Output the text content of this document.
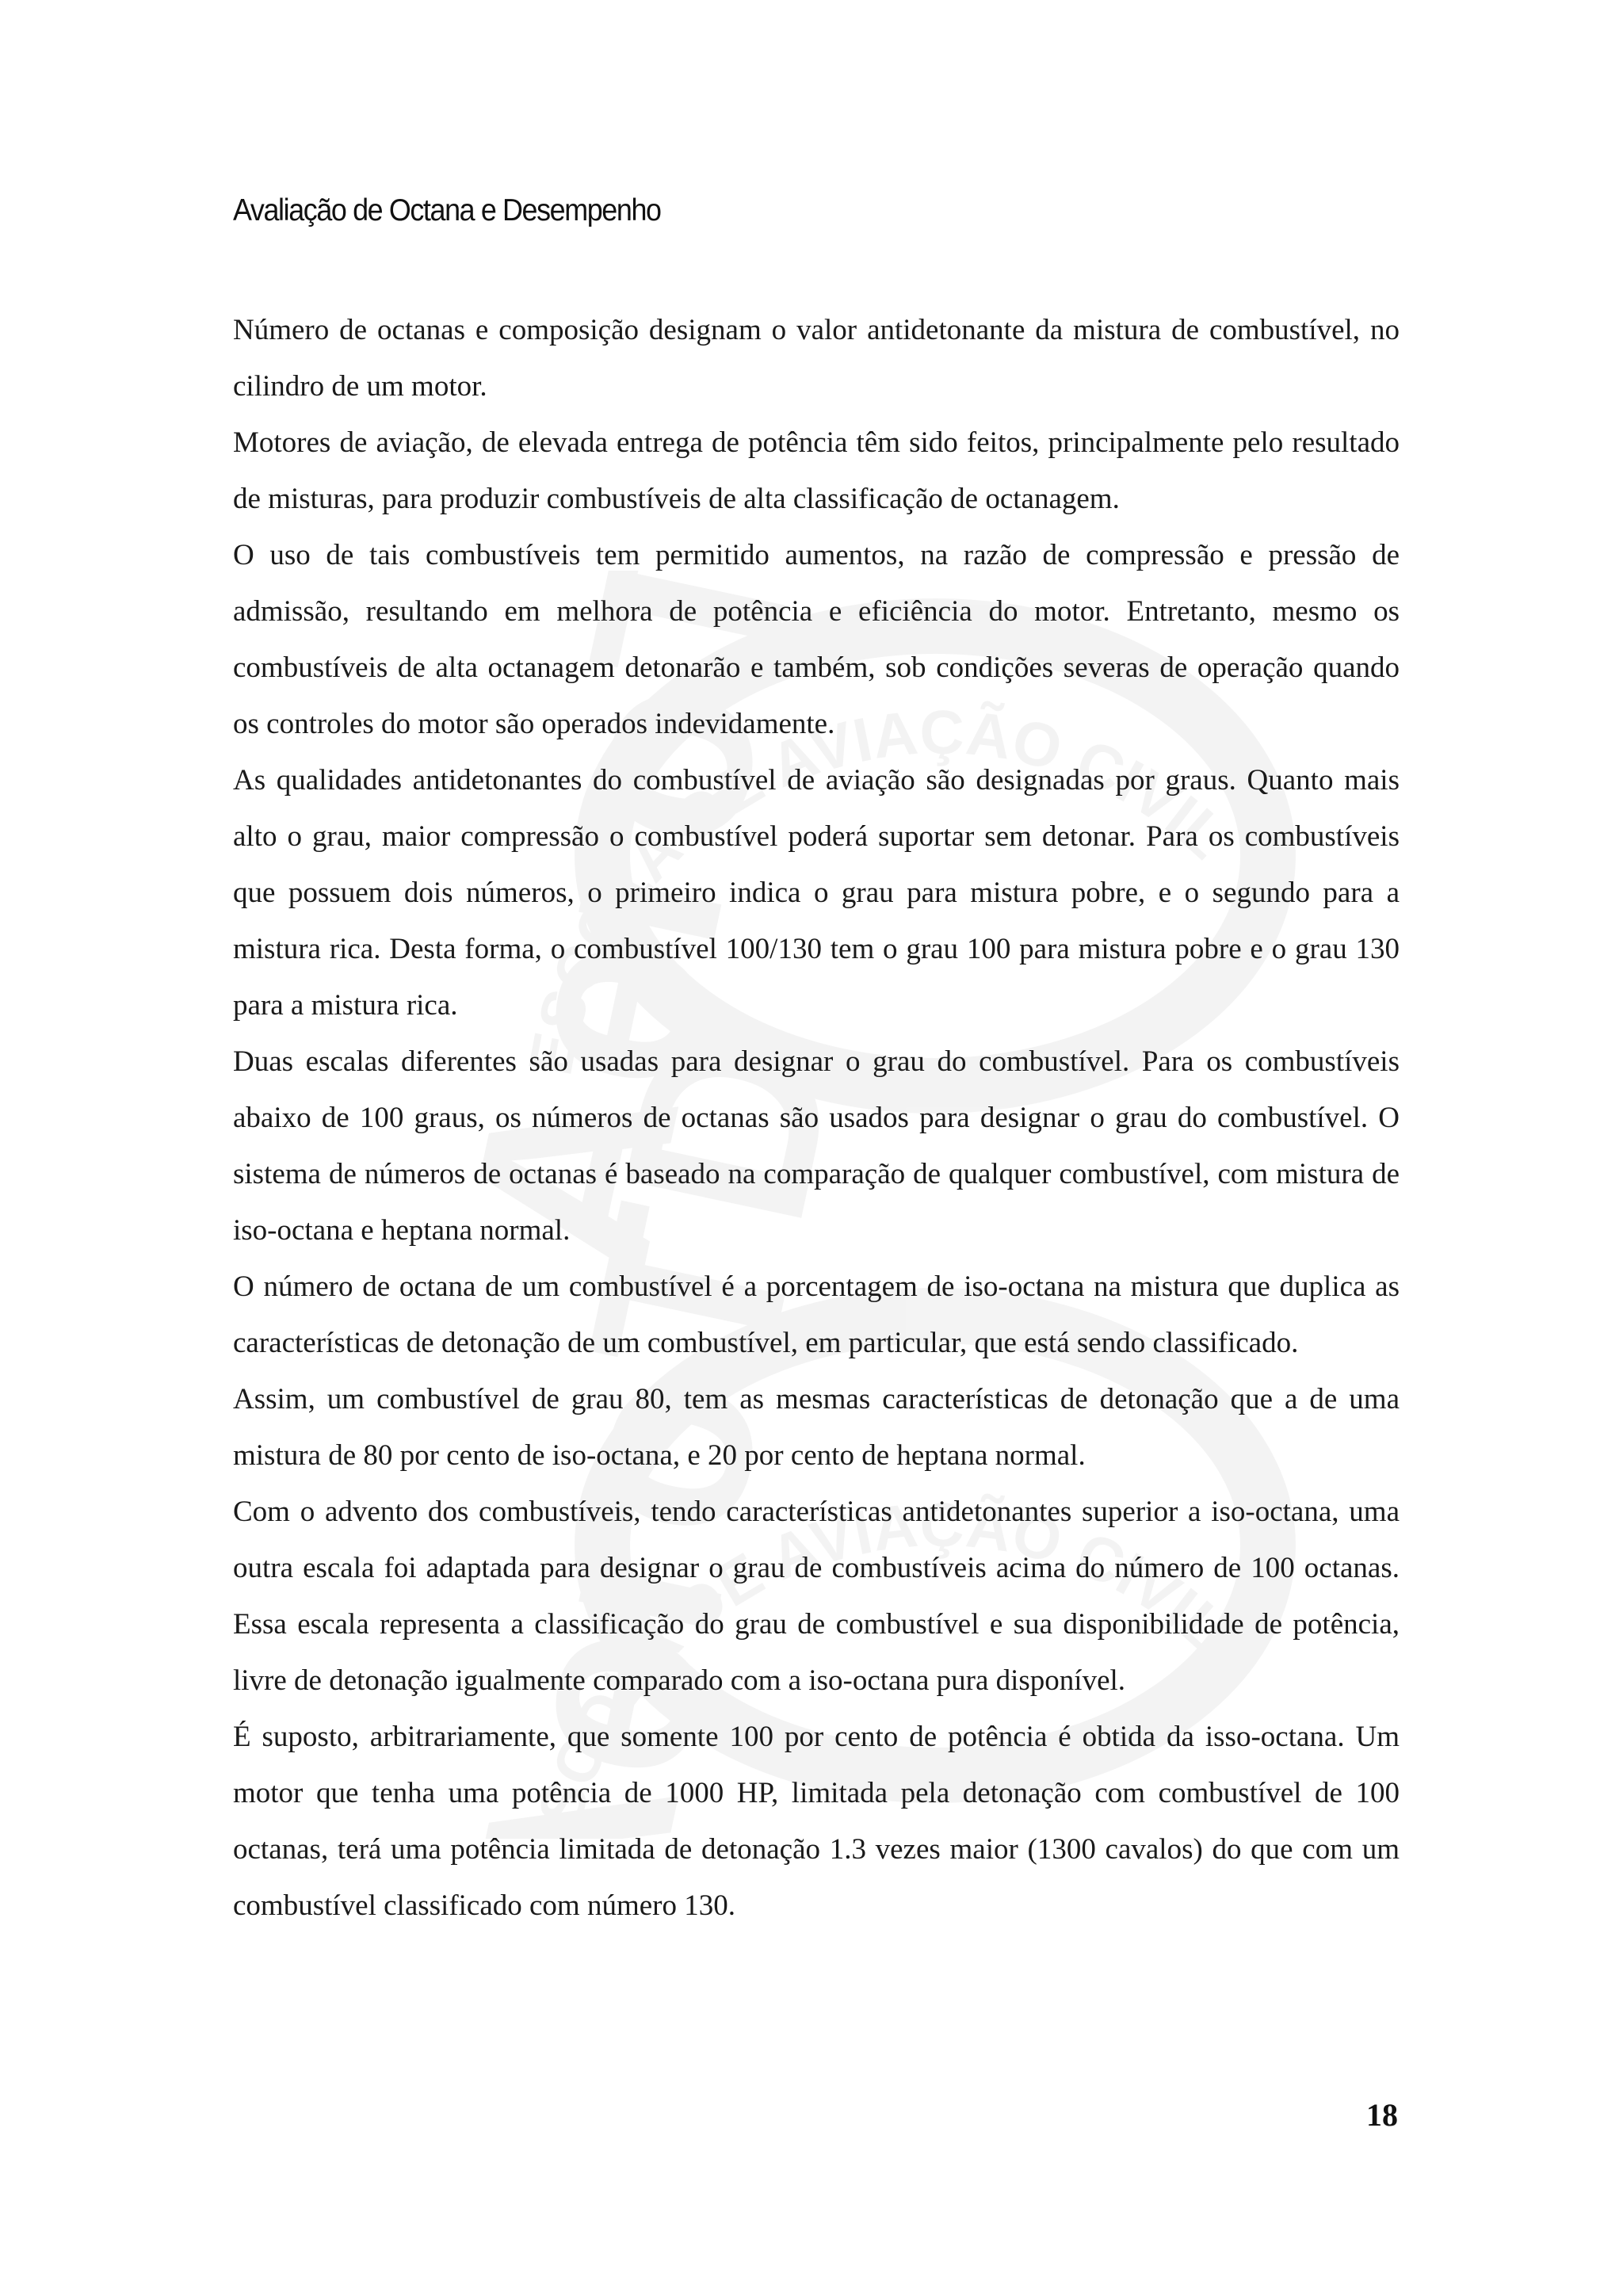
Avaliação de Octana e Desempenho

Número de octanas e composição designam o valor antidetonante da mistura de combustível, no cilindro de um motor.

Motores de aviação, de elevada entrega de potência têm sido feitos, principalmente pelo resultado de misturas, para produzir combustíveis de alta classificação de octanagem.

O uso de tais combustíveis tem permitido aumentos, na razão de compressão e pressão de admissão, resultando em melhora de potência e eficiência do motor. Entretanto, mesmo os combustíveis de alta octanagem detonarão e também, sob condições severas de operação quando os controles do motor são operados indevidamente.

As qualidades antidetonantes do combustível de aviação são designadas por graus. Quanto mais alto o grau, maior compressão o combustível poderá suportar sem detonar. Para os combustíveis que possuem dois números, o primeiro indica o grau para mistura pobre, e o segundo para a mistura rica. Desta forma, o combustível 100/130 tem o grau 100 para mistura pobre e o grau 130 para a mistura rica.

Duas escalas diferentes são usadas para designar o grau do combustível. Para os combustíveis abaixo de 100 graus, os números de octanas são usados para designar o grau do combustível. O sistema de números de octanas é baseado na comparação de qualquer combustível, com mistura de iso-octana e heptana normal.

O número de octana de um combustível é a porcentagem de iso-octana na mistura que duplica as características de detonação de um combustível, em particular, que está sendo classificado.

Assim, um combustível de grau 80, tem as mesmas características de detonação que a de uma mistura de 80 por cento de iso-octana, e 20 por cento de heptana normal.

Com o advento dos combustíveis, tendo características antidetonantes superior a iso-octana, uma outra escala foi adaptada para designar o grau de combustíveis acima do número de 100 octanas. Essa escala representa a classificação do grau de combustível e sua disponibilidade de potência, livre de detonação igualmente comparado com a iso-octana pura disponível.

É suposto, arbitrariamente, que somente 100 por cento de potência é obtida da isso-octana. Um motor que tenha uma potência de 1000 HP, limitada pela detonação com combustível de 100 octanas, terá uma potência limitada de detonação 1.3 vezes maior (1300 cavalos) do que com um combustível classificado com número 130.

18
